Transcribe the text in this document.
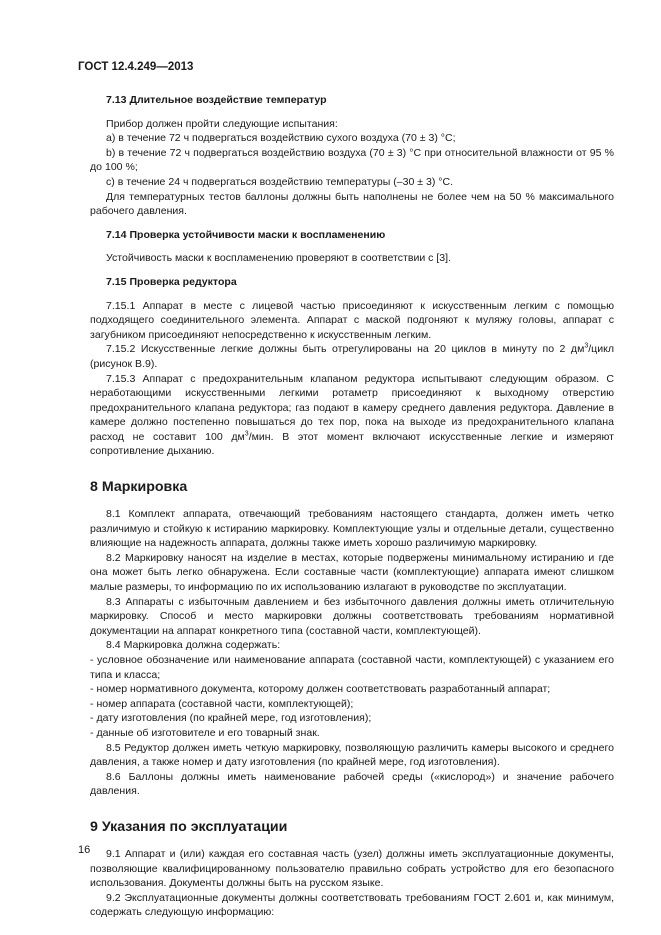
ГОСТ 12.4.249—2013

7.13 Длительное воздействие температур

Прибор должен пройти следующие испытания:

a) в течение 72 ч подвергаться воздействию сухого воздуха (70 ± 3) °С;

b) в течение 72 ч подвергаться воздействию воздуха (70 ± 3) °С при относительной влажности от 95 % до 100 %;

c) в течение 24 ч подвергаться воздействию температуры (–30 ± 3) °С.

Для температурных тестов баллоны должны быть наполнены не более чем на 50 % максимального рабочего давления.

7.14 Проверка устойчивости маски к воспламенению

Устойчивость маски к воспламенению проверяют в соответствии с [3].

7.15 Проверка редуктора

7.15.1 Аппарат в месте с лицевой частью присоединяют к искусственным легким с помощью подходящего соединительного элемента. Аппарат с маской подгоняют к муляжу головы, аппарат с загубником присоединяют непосредственно к искусственным легким.

7.15.2 Искусственные легкие должны быть отрегулированы на 20 циклов в минуту по 2 $дм^3$/цикл (рисунок В.9).

7.15.3 Аппарат с предохранительным клапаном редуктора испытывают следующим образом. С неработающими искусственными легкими ротаметр присоединяют к выходному отверстию предохранительного клапана редуктора; газ подают в камеру среднего давления редуктора. Давление в камере должно постепенно повышаться до тех пор, пока на выходе из предохранительного клапана расход не составит 100 $дм^3$/мин. В этот момент включают искусственные легкие и измеряют сопротивление дыханию.

8 Маркировка

8.1 Комплект аппарата, отвечающий требованиям настоящего стандарта, должен иметь четко различимую и стойкую к истиранию маркировку. Комплектующие узлы и отдельные детали, существенно влияющие на надежность аппарата, должны также иметь хорошо различимую маркировку.

8.2 Маркировку наносят на изделие в местах, которые подвержены минимальному истиранию и где она может быть легко обнаружена. Если составные части (комплектующие) аппарата имеют слишком малые размеры, то информацию по их использованию излагают в руководстве по эксплуатации.

8.3 Аппараты с избыточным давлением и без избыточного давления должны иметь отличительную маркировку. Способ и место маркировки должны соответствовать требованиям нормативной документации на аппарат конкретного типа (составной части, комплектующей).

8.4 Маркировка должна содержать:

- условное обозначение или наименование аппарата (составной части, комплектующей) с указанием его типа и класса;

- номер нормативного документа, которому должен соответствовать разработанный аппарат;

- номер аппарата (составной части, комплектующей);

- дату изготовления (по крайней мере, год изготовления);

- данные об изготовителе и его товарный знак.

8.5 Редуктор должен иметь четкую маркировку, позволяющую различить камеры высокого и среднего давления, а также номер и дату изготовления (по крайней мере, год изготовления).

8.6 Баллоны должны иметь наименование рабочей среды («кислород») и значение рабочего давления.

9 Указания по эксплуатации

9.1 Аппарат и (или) каждая его составная часть (узел) должны иметь эксплуатационные документы, позволяющие квалифицированному пользователю правильно собрать устройство для его безопасного использования. Документы должны быть на русском языке.

9.2 Эксплуатационные документы должны соответствовать требованиям ГОСТ 2.601 и, как минимум, содержать следующую информацию:

16
